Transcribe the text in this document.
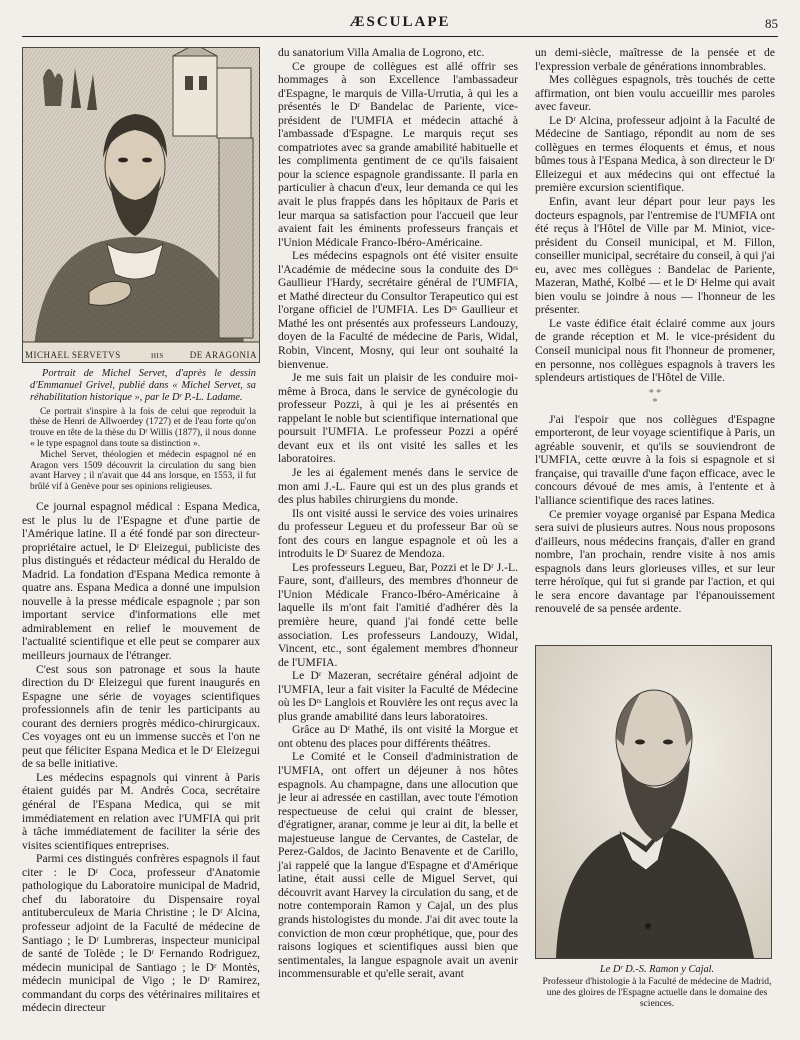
ÆSCULAPE	85
MICHAEL SERVETVS	HIS	DE ARAGONIA

Portrait de Michel Servet, d'après le dessin d'Emmanuel Grivel, publié dans « Michel Servet, sa réhabilitation historique », par le Dʳ P.-L. Ladame.

Ce portrait s'inspire à la fois de celui que reproduit la thèse de Henri de Allwoerdey (1727) et de l'eau forte qu'on trouve en tête de la thèse du Dʳ Willis (1877), il nous donne « le type espagnol dans toute sa distinction ».

Michel Servet, théologien et médecin espagnol né en Aragon vers 1509 découvrit la circulation du sang bien avant Harvey ; il n'avait que 44 ans lorsque, en 1553, il fut brûlé vif à Genève pour ses opinions religieuses.

Ce journal espagnol médical : Espana Medica, est le plus lu de l'Espagne et d'une partie de l'Amérique latine. Il a été fondé par son directeur-propriétaire actuel, le Dʳ Eleizegui, publiciste des plus distingués et rédacteur médical du Heraldo de Madrid. La fondation d'Espana Medica remonte à quatre ans. Espana Medica a donné une impulsion nouvelle à la presse médicale espagnole ; par son important service d'informations elle met admirablement en relief le mouvement de l'actualité scientifique et elle peut se comparer aux meilleurs journaux de l'étranger.

C'est sous son patronage et sous la haute direction du Dʳ Eleizegui que furent inaugurés en Espagne une série de voyages scientifiques professionnels afin de tenir les participants au courant des derniers progrès médico-chirurgicaux. Ces voyages ont eu un immense succès et l'on ne peut que féliciter Espana Medica et le Dʳ Eleizegui de sa belle initiative.

Les médecins espagnols qui vinrent à Paris étaient guidés par M. Andrés Coca, secrétaire général de l'Espana Medica, qui se mit immédiatement en relation avec l'UMFIA qui prit à tâche immédiatement de faciliter la série des visites scientifiques entreprises.

Parmi ces distingués confrères espagnols il faut citer : le Dʳ Coca, professeur d'Anatomie pathologique du Laboratoire municipal de Madrid, chef du laboratoire du Dispensaire royal antituberculeux de Maria Christine ; le Dʳ Alcina, professeur adjoint de la Faculté de médecine de Santiago ; le Dʳ Lumbreras, inspecteur municipal de santé de Tolède ; le Dʳ Fernando Rodriguez, médecin municipal de Santiago ; le Dʳ Montès, médecin municipal de Vigo ; le Dʳ Ramirez, commandant du corps des vétérinaires militaires et médecin directeur

du sanatorium Villa Amalia de Logrono, etc.

Ce groupe de collègues est allé offrir ses hommages à son Excellence l'ambassadeur d'Espagne, le marquis de Villa-Urrutia, à qui les a présentés le Dʳ Bandelac de Pariente, vice-président de l'UMFIA et médecin attaché à l'ambassade d'Espagne. Le marquis reçut ses compatriotes avec sa grande amabilité habituelle et les complimenta gentiment de ce qu'ils faisaient pour la science espagnole grandissante. Il parla en particulier à chacun d'eux, leur demanda ce qui les avait le plus frappés dans les hôpitaux de Paris et leur marqua sa satisfaction pour l'accueil que leur avaient fait les éminents professeurs français et l'Union Médicale Franco-Ibéro-Américaine.

Les médecins espagnols ont été visiter ensuite l'Académie de médecine sous la conduite des Dʳˢ Gaullieur l'Hardy, secrétaire général de l'UMFIA, et Mathé directeur du Consultor Terapeutico qui est l'organe officiel de l'UMFIA. Les Dʳˢ Gaullieur et Mathé les ont présentés aux professeurs Landouzy, doyen de la Faculté de médecine de Paris, Widal, Robin, Vincent, Mosny, qui leur ont souhaité la bienvenue.

Je me suis fait un plaisir de les conduire moi-même à Broca, dans le service de gynécologie du professeur Pozzi, à qui je les ai présentés en rappelant le noble but scientifique international que poursuit l'UMFIA. Le professeur Pozzi a opéré devant eux et ils ont visité les salles et les laboratoires.

Je les ai également menés dans le service de mon ami J.-L. Faure qui est un des plus grands et des plus habiles chirurgiens du monde.

Ils ont visité aussi le service des voies urinaires du professeur Legueu et du professeur Bar où se font des cours en langue espagnole et où les a introduits le Dʳ Suarez de Mendoza.

Les professeurs Legueu, Bar, Pozzi et le Dʳ J.-L. Faure, sont, d'ailleurs, des membres d'honneur de l'Union Médicale Franco-Ibéro-Américaine à laquelle ils m'ont fait l'amitié d'adhérer dès la première heure, quand j'ai fondé cette belle association. Les professeurs Landouzy, Widal, Vincent, etc., sont également membres d'honneur de l'UMFIA.

Le Dʳ Mazeran, secrétaire général adjoint de l'UMFIA, leur a fait visiter la Faculté de Médecine où les Dʳˢ Langlois et Rouvière les ont reçus avec la plus grande amabilité dans leurs laboratoires.

Grâce au Dʳ Mathé, ils ont visité la Morgue et ont obtenu des places pour différents théâtres.

Le Comité et le Conseil d'administration de l'UMFIA, ont offert un déjeuner à nos hôtes espagnols. Au champagne, dans une allocution que je leur ai adressée en castillan, avec toute l'émotion respectueuse de celui qui craint de blesser, d'égratigner, aranar, comme je leur ai dit, la belle et majestueuse langue de Cervantes, de Castelar, de Perez-Galdos, de Jacinto Benavente et de Carillo, j'ai rappelé que la langue d'Espagne et d'Amérique latine, était aussi celle de Miguel Servet, qui découvrit avant Harvey la circulation du sang, et de notre contemporain Ramon y Cajal, un des plus grands histologistes du monde. J'ai dit avec toute la conviction de mon cœur prophétique, que, pour des raisons logiques et scientifiques aussi bien que sentimentales, la langue espagnole avait un avenir incommensurable et qu'elle serait, avant

un demi-siècle, maîtresse de la pensée et de l'expression verbale de générations innombrables.

Mes collègues espagnols, très touchés de cette affirmation, ont bien voulu accueillir mes paroles avec faveur.

Le Dʳ Alcina, professeur adjoint à la Faculté de Médecine de Santiago, répondit au nom de ses collègues en termes éloquents et émus, et nous bûmes tous à l'Espana Medica, à son directeur le Dʳ Elleizegui et aux médecins qui ont effectué la première excursion scientifique.

Enfin, avant leur départ pour leur pays les docteurs espagnols, par l'entremise de l'UMFIA ont été reçus à l'Hôtel de Ville par M. Miniot, vice-président du Conseil municipal, et M. Fillon, conseiller municipal, secrétaire du conseil, à qui j'ai eu, avec mes collègues : Bandelac de Pariente, Mazeran, Mathé, Kolbé — et le Dʳ Helme qui avait bien voulu se joindre à nous — l'honneur de les présenter.

Le vaste édifice était éclairé comme aux jours de grande réception et M. le vice-président du Conseil municipal nous fit l'honneur de promener, en personne, nos collègues espagnols à travers les splendeurs artistiques de l'Hôtel de Ville.

* *
*

J'ai l'espoir que nos collègues d'Espagne emporteront, de leur voyage scientifique à Paris, un agréable souvenir, et qu'ils se souviendront de l'UMFIA, cette œuvre à la fois si espagnole et si française, qui travaille d'une façon efficace, avec le concours dévoué de mes amis, à l'entente et à l'alliance scientifique des races latines.

Ce premier voyage organisé par Espana Medica sera suivi de plusieurs autres. Nous nous proposons d'ailleurs, nous médecins français, d'aller en grand nombre, l'an prochain, rendre visite à nos amis espagnols dans leurs glorieuses villes, et sur leur terre héroïque, qui fut si grande par l'action, et qui le sera encore davantage par l'épanouissement renouvelé de sa pensée ardente.

Le Dʳ D.-S. Ramon y Cajal.
Professeur d'histologie à la Faculté de médecine de Madrid, une des gloires de l'Espagne actuelle dans le domaine des sciences.
